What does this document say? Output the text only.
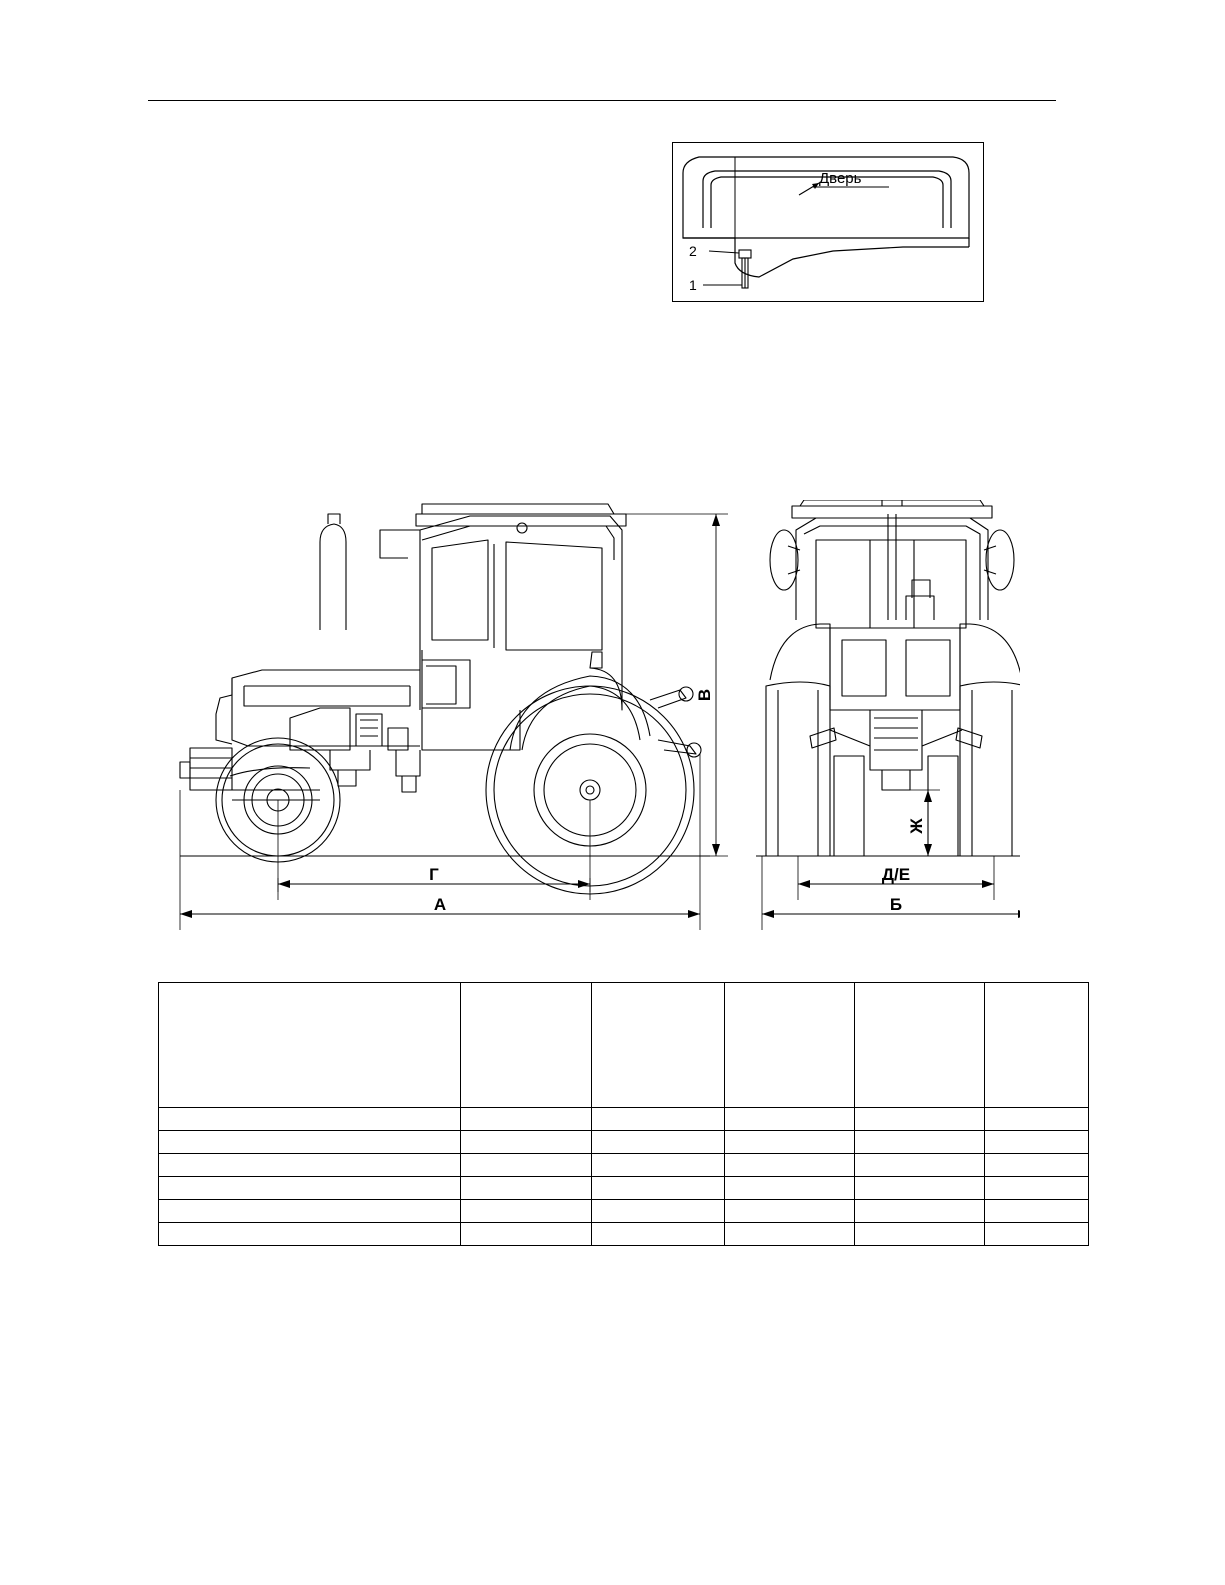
Дверь
2
1
В
Г
А
Ж
Д/Е
Б
